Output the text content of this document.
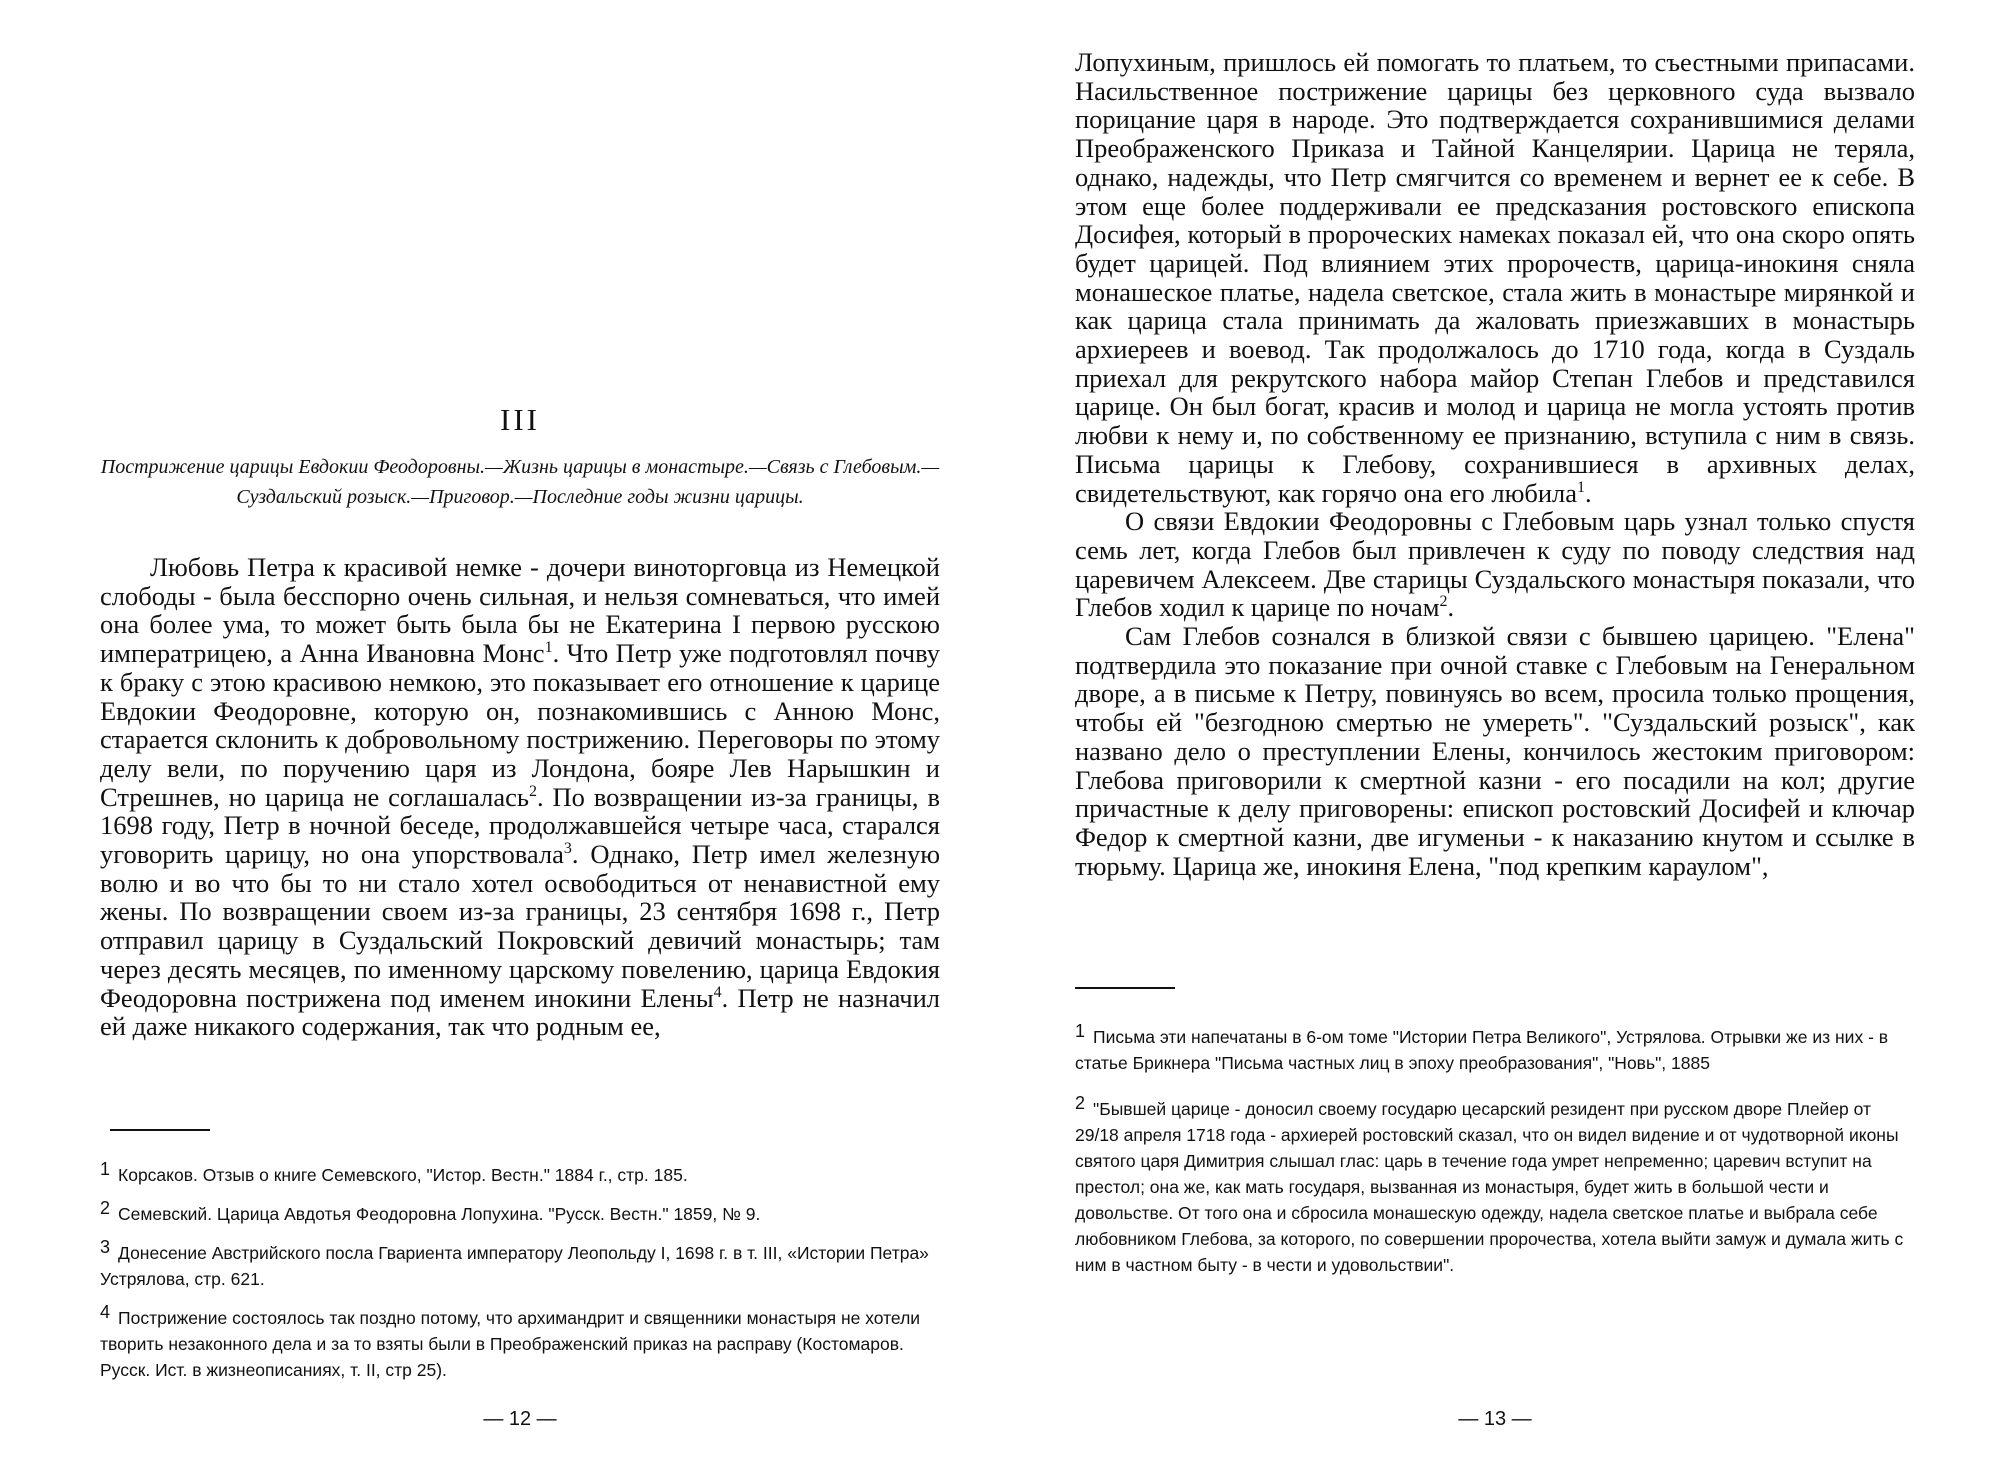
III
Пострижение царицы Евдокии Феодоровны.—Жизнь царицы в монастыре.—Связь с Глебовым.—Суздальский розыск.—Приговор.—Последние годы жизни царицы.

Любовь Петра к красивой немке - дочери виноторговца из Немецкой слободы - была бесспорно очень сильная, и нельзя сомневаться, что имей она более ума, то может быть была бы не Екатерина I первою русскою императрицею, а Анна Ивановна Монс$^1$. Что Петр уже подготовлял почву к браку с этою красивою немкою, это показывает его отношение к царице Евдокии Феодоровне, которую он, познакомившись с Анною Монс, старается склонить к добровольному пострижению. Переговоры по этому делу вели, по поручению царя из Лондона, бояре Лев Нарышкин и Стрешнев, но царица не соглашалась$^2$. По возвращении из-за границы, в 1698 году, Петр в ночной беседе, продолжавшейся четыре часа, старался уговорить царицу, но она упорствовала$^3$. Однако, Петр имел железную волю и во что бы то ни стало хотел освободиться от ненавистной ему жены. По возвращении своем из-за границы, 23 сентября 1698 г., Петр отправил царицу в Суздальский Покровский девичий монастырь; там через десять месяцев, по именному царскому повелению, царица Евдокия Феодоровна пострижена под именем инокини Елены$^4$. Петр не назначил ей даже никакого содержания, так что родным ее,

1 Корсаков. Отзыв о книге Семевского, "Истор. Вестн." 1884 г., стр. 185.

2 Семевский. Царица Авдотья Феодоровна Лопухина. "Русск. Вестн." 1859, № 9.

3 Донесение Австрийского посла Гвариента императору Леопольду I, 1698 г. в т. III, «Истории Петра» Устрялова, стр. 621.

4 Пострижение состоялось так поздно потому, что архимандрит и священники монастыря не хотели творить незаконного дела и за то взяты были в Преображенский приказ на расправу (Костомаров. Русск. Ист. в жизнеописаниях, т. II, стр 25).

— 12 —

Лопухиным, пришлось ей помогать то платьем, то съестными припасами. Насильственное пострижение царицы без церковного суда вызвало порицание царя в народе. Это подтверждается сохранившимися делами Преображенского Приказа и Тайной Канцелярии. Царица не теряла, однако, надежды, что Петр смягчится со временем и вернет ее к себе. В этом еще более поддерживали ее предсказания ростовского епископа Досифея, который в пророческих намеках показал ей, что она скоро опять будет царицей. Под влиянием этих пророчеств, царица-инокиня сняла монашеское платье, надела светское, стала жить в монастыре мирянкой и как царица стала принимать да жаловать приезжавших в монастырь архиереев и воевод. Так продолжалось до 1710 года, когда в Суздаль приехал для рекрутского набора майор Степан Глебов и представился царице. Он был богат, красив и молод и царица не могла устоять против любви к нему и, по собственному ее признанию, вступила с ним в связь. Письма царицы к Глебову, сохранившиеся в архивных делах, свидетельствуют, как горячо она его любила$^1$.

О связи Евдокии Феодоровны с Глебовым царь узнал только спустя семь лет, когда Глебов был привлечен к суду по поводу следствия над царевичем Алексеем. Две старицы Суздальского монастыря показали, что Глебов ходил к царице по ночам$^2$.

Сам Глебов сознался в близкой связи с бывшею царицею. "Елена" подтвердила это показание при очной ставке с Глебовым на Генеральном дворе, а в письме к Петру, повинуясь во всем, просила только прощения, чтобы ей "безгодною смертью не умереть". "Суздальский розыск", как названо дело о преступлении Елены, кончилось жестоким приговором: Глебова приговорили к смертной казни - его посадили на кол; другие причастные к делу приговорены: епископ ростовский Досифей и ключар Федор к смертной казни, две игуменьи - к наказанию кнутом и ссылке в тюрьму. Царица же, инокиня Елена, "под крепким караулом",

1 Письма эти напечатаны в 6-ом томе "Истории Петра Великого", Устрялова. Отрывки же из них - в статье Брикнера "Письма частных лиц в эпоху преобразования", "Новь", 1885

2 "Бывшей царице - доносил своему государю цесарский резидент при русском дворе Плейер от 29/18 апреля 1718 года - архиерей ростовский сказал, что он видел видение и от чудотворной иконы святого царя Димитрия слышал глас: царь в течение года умрет непременно; царевич вступит на престол; она же, как мать государя, вызванная из монастыря, будет жить в большой чести и довольстве. От того она и сбросила монашескую одежду, надела светское платье и выбрала себе любовником Глебова, за которого, по совершении пророчества, хотела выйти замуж и думала жить с ним в частном быту - в чести и удовольствии".

— 13 —
